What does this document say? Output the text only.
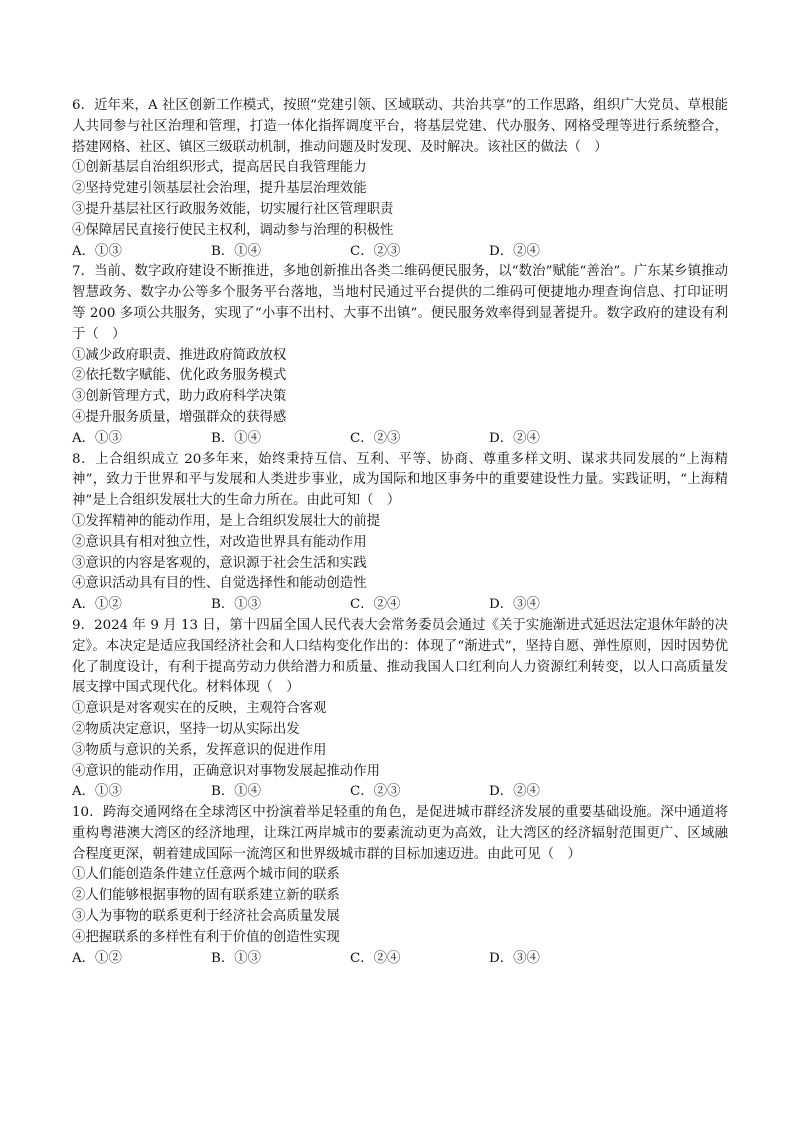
6．近年来，A 社区创新工作模式，按照“党建引领、区域联动、共治共享”的工作思路，组织广大党员、草根能人共同参与社区治理和管理，打造一体化指挥调度平台，将基层党建、代办服务、网格受理等进行系统整合，搭建网格、社区、镇区三级联动机制，推动问题及时发现、及时解决。该社区的做法（　）

①创新基层自治组织形式，提高居民自我管理能力

②坚持党建引领基层社会治理，提升基层治理效能

③提升基层社区行政服务效能，切实履行社区管理职责

④保障居民直接行使民主权利，调动参与治理的积极性

A．①③	B．①④	C．②③	D．②④

7．当前、数字政府建设不断推进，多地创新推出各类二维码便民服务，以“数治”赋能“善治”。广东某乡镇推动智慧政务、数字办公等多个服务平台落地，当地村民通过平台提供的二维码可便捷地办理查询信息、打印证明等 200 多项公共服务，实现了“小事不出村、大事不出镇”。便民服务效率得到显著提升。数字政府的建设有利于（　）

①减少政府职责、推进政府简政放权

②依托数字赋能、优化政务服务模式

③创新管理方式，助力政府科学决策

④提升服务质量，增强群众的获得感

A．①③	B．①④	C．②③	D．②④

8．上合组织成立 20多年来，始终秉持互信、互利、平等、协商、尊重多样文明、谋求共同发展的“上海精神”，致力于世界和平与发展和人类进步事业，成为国际和地区事务中的重要建设性力量。实践证明，“上海精神”是上合组织发展壮大的生命力所在。由此可知（　）

①发挥精神的能动作用，是上合组织发展壮大的前提

②意识具有相对独立性，对改造世界具有能动作用

③意识的内容是客观的，意识源于社会生活和实践

④意识活动具有目的性、自觉选择性和能动创造性

A．①②	B．①③	C．②④	D．③④

9．2024 年 9 月 13 日，第十四届全国人民代表大会常务委员会通过《关于实施渐进式延迟法定退休年龄的决定》。本决定是适应我国经济社会和人口结构变化作出的：体现了“渐进式”，坚持自愿、弹性原则，因时因势优化了制度设计，有利于提高劳动力供给潜力和质量、推动我国人口红利向人力资源红利转变，以人口高质量发展支撑中国式现代化。材料体现（　）

①意识是对客观实在的反映，主观符合客观

②物质决定意识，坚持一切从实际出发

③物质与意识的关系，发挥意识的促进作用

④意识的能动作用，正确意识对事物发展起推动作用

A．①③	B．①④	C．②③	D．②④

10．跨海交通网络在全球湾区中扮演着举足轻重的角色，是促进城市群经济发展的重要基础设施。深中通道将重构粤港澳大湾区的经济地理，让珠江两岸城市的要素流动更为高效，让大湾区的经济辐射范围更广、区域融合程度更深，朝着建成国际一流湾区和世界级城市群的目标加速迈进。由此可见（　）

①人们能创造条件建立任意两个城市间的联系

②人们能够根据事物的固有联系建立新的联系

③人为事物的联系更利于经济社会高质量发展

④把握联系的多样性有利于价值的创造性实现

A．①②	B．①③	C．②④	D．③④
